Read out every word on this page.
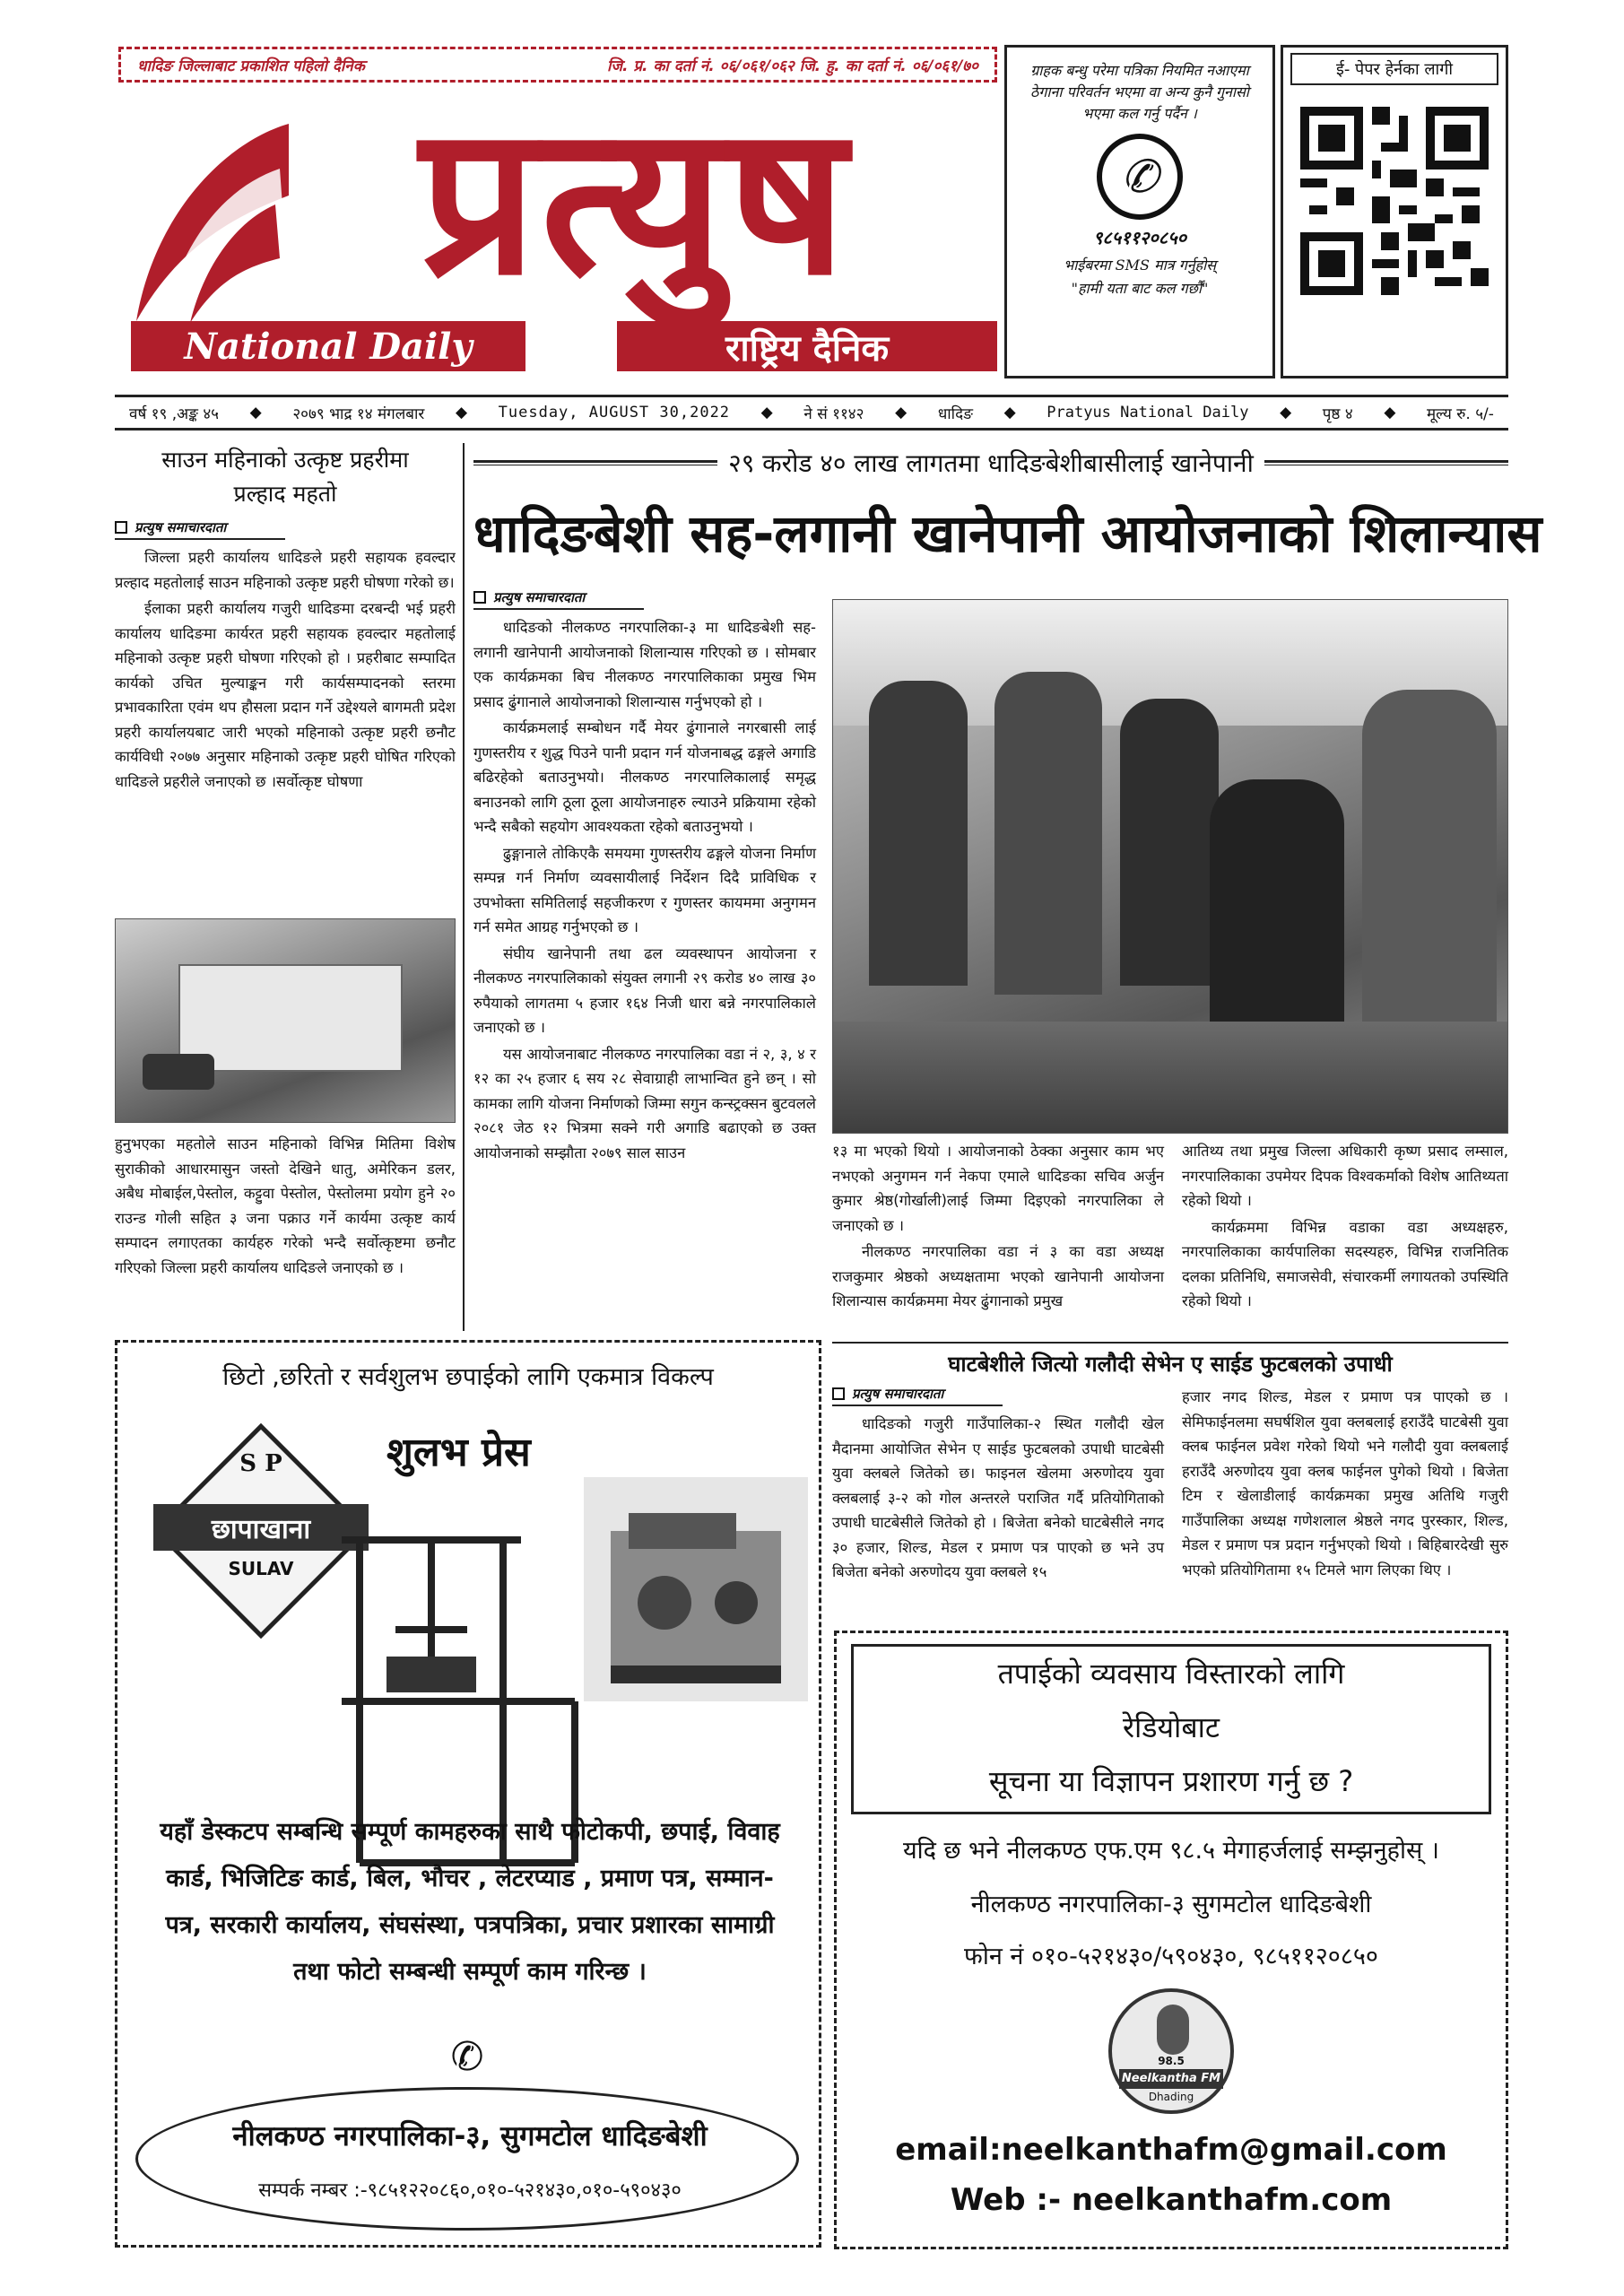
धादिङ जिल्लाबाट प्रकाशित पहिलो दैनिक	जि. प्र. का दर्ता नं. ०६/०६१/०६२ जि. हु. का दर्ता नं. ०६/०६१/७०
प्रत्युष
National Daily	राष्ट्रिय दैनिक
ग्राहक बन्धु परेमा पत्रिका नियमित नआएमा ठेगाना परिवर्तन भएमा वा अन्य कुनै गुनासो भएमा कल गर्नु पर्दैन ।
✆
९८५११२०८५०
भाईबरमा SMS मात्र गर्नुहोस्
"हामी यता बाट कल गर्छौं"
ई- पेपर हेर्नका लागी
वर्ष १९ ,अङ्क ४५ ◆ २०७९ भाद्र १४ मंगलबार ◆ Tuesday, AUGUST 30,2022 ◆ ने सं ११४२ ◆ धादिङ ◆ Pratyus National Daily ◆ पृष्ठ ४ ◆ मूल्य रु. ५/-
साउन महिनाको उत्कृष्ट प्रहरीमा
प्रल्हाद महतो
प्रत्युष समाचारदाता

जिल्ला प्रहरी कार्यालय धादिङले प्रहरी सहायक हवल्दार प्रल्हाद महतोलाई साउन महिनाको उत्कृष्ट प्रहरी घोषणा गरेको छ।

ईलाका प्रहरी कार्यालय गजुरी धादिङमा दरबन्दी भई प्रहरी कार्यालय धादिङमा कार्यरत प्रहरी सहायक हवल्दार महतोलाई महिनाको उत्कृष्ट प्रहरी घोषणा गरिएको हो । प्रहरीबाट सम्पादित कार्यको उचित मुल्याङ्कन गरी कार्यसम्पादनको स्तरमा प्रभावकारिता एवंम थप हौसला प्रदान गर्ने उद्देश्यले बागमती प्रदेश प्रहरी कार्यालयबाट जारी भएको महिनाको उत्कृष्ट प्रहरी छनौट कार्यविधी २०७७ अनुसार महिनाको उत्कृष्ट प्रहरी घोषित गरिएको धादिङले प्रहरीले जनाएको छ ।सर्वोत्कृष्ट घोषणा

हुनुभएका महतोले साउन महिनाको विभिन्न मितिमा विशेष सुराकीको आधारमासुन जस्तो देखिने धातु, अमेरिकन डलर, अबैध मोबाईल,पेस्तोल, कट्टुवा पेस्तोल, पेस्तोलमा प्रयोग हुने २० राउन्ड गोली सहित ३ जना पक्राउ गर्ने कार्यमा उत्कृष्ट कार्य सम्पादन लगाएतका कार्यहरु गरेको भन्दै सर्वोत्कृष्टमा छनौट गरिएको जिल्ला प्रहरी कार्यालय धादिङले जनाएको छ ।
२९ करोड ४० लाख लागतमा धादिङबेशीबासीलाई खानेपानी
धादिङबेशी सह-लगानी खानेपानी आयोजनाको शिलान्यास
प्रत्युष समाचारदाता

धादिङको नीलकण्ठ नगरपालिका-३ मा धादिङबेशी सह-लगानी खानेपानी आयोजनाको शिलान्यास गरिएको छ । सोमबार एक कार्यक्रमका बिच नीलकण्ठ नगरपालिकाका प्रमुख भिम प्रसाद ढुंगानाले आयोजनाको शिलान्यास गर्नुभएको हो ।

कार्यक्रमलाई सम्बोधन गर्दै मेयर ढुंगानाले नगरबासी लाई गुणस्तरीय र शुद्ध पिउने पानी प्रदान गर्न योजनाबद्ध ढङ्गले अगाडि बढिरहेको बताउनुभयो। नीलकण्ठ नगरपालिकालाई समृद्ध बनाउनको लागि ठूला ठूला आयोजनाहरु ल्याउने प्रक्रियामा रहेको भन्दै सबैको सहयोग आवश्यकता रहेको बताउनुभयो ।

ढुङ्गानाले तोकिएकै समयमा गुणस्तरीय ढङ्गले योजना निर्माण सम्पन्न गर्न निर्माण व्यवसायीलाई निर्देशन दिदै प्राविधिक र उपभोक्ता समितिलाई सहजीकरण र गुणस्तर कायममा अनुगमन गर्न समेत आग्रह गर्नुभएको छ ।

संघीय खानेपानी तथा ढल व्यवस्थापन आयोजना र नीलकण्ठ नगरपालिकाको संयुक्त लगानी २९ करोड ४० लाख ३० रुपैयाको लागतमा ५ हजार १६४ निजी धारा बन्ने नगरपालिकाले जनाएको छ ।

यस आयोजनाबाट नीलकण्ठ नगरपालिका वडा नं २, ३, ४ र १२ का २५ हजार ६ सय २८ सेवाग्राही लाभान्वित हुने छन् । सो कामका लागि योजना निर्माणको जिम्मा सगुन कन्स्ट्रक्सन बुटवलले २०८१ जेठ १२ भित्रमा सक्ने गरी अगाडि बढाएको छ उक्त आयोजनाको सम्झौता २०७९ साल साउन	१३ मा भएको थियो । आयोजनाको ठेक्का अनुसार काम भए नभएको अनुगमन गर्न नेकपा एमाले धादिङका सचिव अर्जुन कुमार श्रेष्ठ(गोर्खाली)लाई जिम्मा दिइएको नगरपालिका ले जनाएको छ ।

नीलकण्ठ नगरपालिका वडा नं ३ का वडा अध्यक्ष राजकुमार श्रेष्ठको अध्यक्षतामा भएको खानेपानी आयोजना शिलान्यास कार्यक्रममा मेयर ढुंगानाको प्रमुख

आतिथ्य तथा प्रमुख जिल्ला अधिकारी कृष्ण प्रसाद लम्साल, नगरपालिकाका उपमेयर दिपक विश्वकर्माको विशेष आतिथ्यता रहेको थियो ।

कार्यक्रममा विभिन्न वडाका वडा अध्यक्षहरु, नगरपालिकाका कार्यपालिका सदस्यहरु, विभिन्न राजनितिक दलका प्रतिनिधि, समाजसेवी, संचारकर्मी लगायतको उपस्थिति रहेको थियो ।

छिटो ,छरितो र सर्वशुलभ छपाईको लागि एकमात्र विकल्प
शुलभ प्रेस
S P
छापाखाना
SULAV
यहाँ डेस्कटप सम्बन्धि सम्पूर्ण कामहरुका साथै फोटोकपी, छपाई, विवाह कार्ड, भिजिटिङ कार्ड, बिल, भौचर , लेटरप्याड , प्रमाण पत्र, सम्मान-पत्र, सरकारी कार्यालय, संघसंस्था, पत्रपत्रिका, प्रचार प्रशारका सामाग्री तथा फोटो सम्बन्धी सम्पूर्ण काम गरिन्छ ।
✆
नीलकण्ठ नगरपालिका-३, सुगमटोल धादिङबेशी
सम्पर्क नम्बर :-९८५१२२०८६०,०१०-५२१४३०,०१०-५९०४३०
घाटबेशीले जित्यो गलौदी सेभेन ए साईड फुटबलको उपाधी
प्रत्युष समाचारदाता

धादिङको गजुरी गाउँपालिका-२ स्थित गलौदी खेल मैदानमा आयोजित सेभेन ए साईड फुटबलको उपाधी घाटबेसी युवा क्लबले जितेको छ। फाइनल खेलमा अरुणोदय युवा क्लबलाई ३-२ को गोल अन्तरले पराजित गर्दै प्रतियोगिताको उपाधी घाटबेसीले जितेको हो । बिजेता बनेको घाटबेसीले नगद ३० हजार, शिल्ड, मेडल र प्रमाण पत्र पाएको छ भने उप बिजेता बनेको अरुणोदय युवा क्लबले १५

हजार नगद शिल्ड, मेडल र प्रमाण पत्र पाएको छ । सेमिफाईनलमा सघर्षशिल युवा क्लबलाई हराउँदै घाटबेसी युवा क्लब फाईनल प्रवेश गरेको थियो भने गलौदी युवा क्लबलाई हराउँदै अरुणोदय युवा क्लब फाईनल पुगेको थियो । बिजेता टिम र खेलाडीलाई कार्यक्रमका प्रमुख अतिथि गजुरी गाउँपालिका अध्यक्ष गणेशलाल श्रेष्ठले नगद पुरस्कार, शिल्ड, मेडल र प्रमाण पत्र प्रदान गर्नुभएको थियो । बिहिबारदेखी सुरु भएको प्रतियोगितामा १५ टिमले भाग लिएका थिए ।
तपाईको व्यवसाय विस्तारको लागि
रेडियोबाट
सूचना या विज्ञापन प्रशारण गर्नु छ ?
यदि छ भने नीलकण्ठ एफ.एम ९८.५ मेगाहर्जलाई सम्झनुहोस् ।
नीलकण्ठ नगरपालिका-३ सुगमटोल धादिङबेशी
फोन नं ०१०-५२१४३०/५९०४३०, ९८५११२०८५०
98.5
Neelkantha FM
Dhading
email:neelkanthafm@gmail.com
Web :- neelkanthafm.com
